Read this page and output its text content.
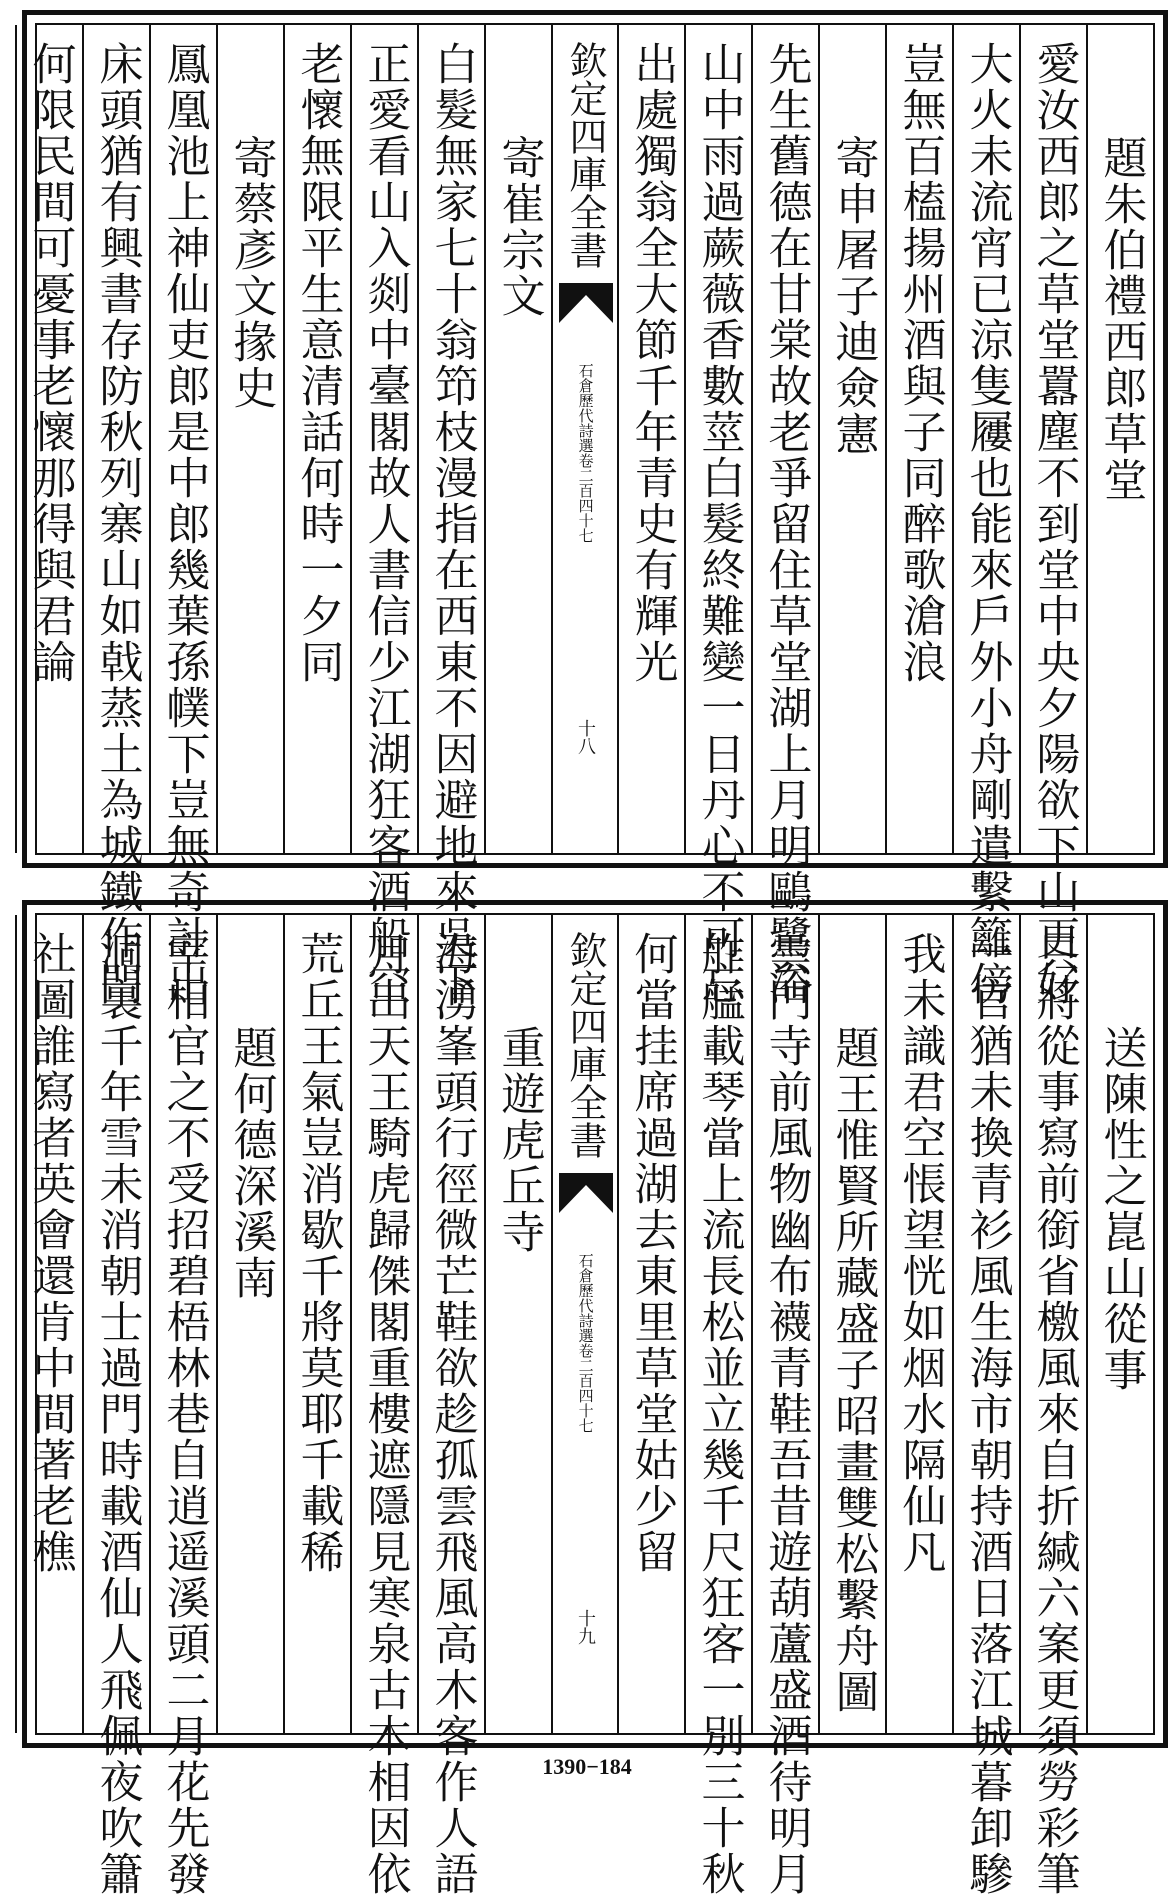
題朱伯禮西郎草堂
愛汝西郎之草堂囂塵不到堂中央夕陽欲下山更好
大火未流宵已涼隻屨也能來戶外小舟剛遣繫籬傍
豈無百榼揚州酒與子同醉歌滄浪
寄申屠子迪僉憲
先生舊德在甘棠故老爭留住草堂湖上月明鷗鷺浴
山中雨過蕨薇香數莖白髮終難變一日丹心不可忘
出處獨翁全大節千年青史有輝光
欽定四庫全書
石倉歷代詩選卷二百四十七
十八
寄崔宗文
白髮無家七十翁笻枝漫指在西東不因避地來吳下
正愛看山入剡中臺閣故人書信少江湖狂客酒船空
老懷無限平生意清話何時一夕同
寄蔡彥文掾史
鳳凰池上神仙吏郎是中郎幾葉孫幞下豈無奇計出
床頭猶有興書存防秋列寨山如戟蒸土為城鐵作門
何限民間可憂事老懷那得與君論
送陳性之崑山從事
只將從事寫前銜省檄風來自折緘六案更須勞彩筆
一官猶未換青衫風生海市朝持酒日落江城暮卸驂
我未識君空悵望恍如烟水隔仙凡
題王惟賢所藏盛子昭畫雙松繫舟圖
雲門寺前風物幽布襪青鞋吾昔遊葫蘆盛酒待明月
舴艋載琴當上流長松並立幾千尺狂客一別三十秋
何當挂席過湖去東里草堂姑少留
欽定四庫全書
石倉歷代詩選卷二百四十七
十九
重遊虎丘寺
海湧峯頭行徑微芒鞋欲趁孤雲飛風高木客作人語
月出天王騎虎歸傑閣重樓遮隱見寒泉古木相因依
荒丘王氣豈消歇千將莫耶千載稀
題何德深溪南
宰相官之不受招碧梧林巷自逍遥溪頭二月花先發
洞裏千年雪未消朝士過門時載酒仙人飛佩夜吹簫
社圖誰寫者英會還肯中間著老樵
1390−184
